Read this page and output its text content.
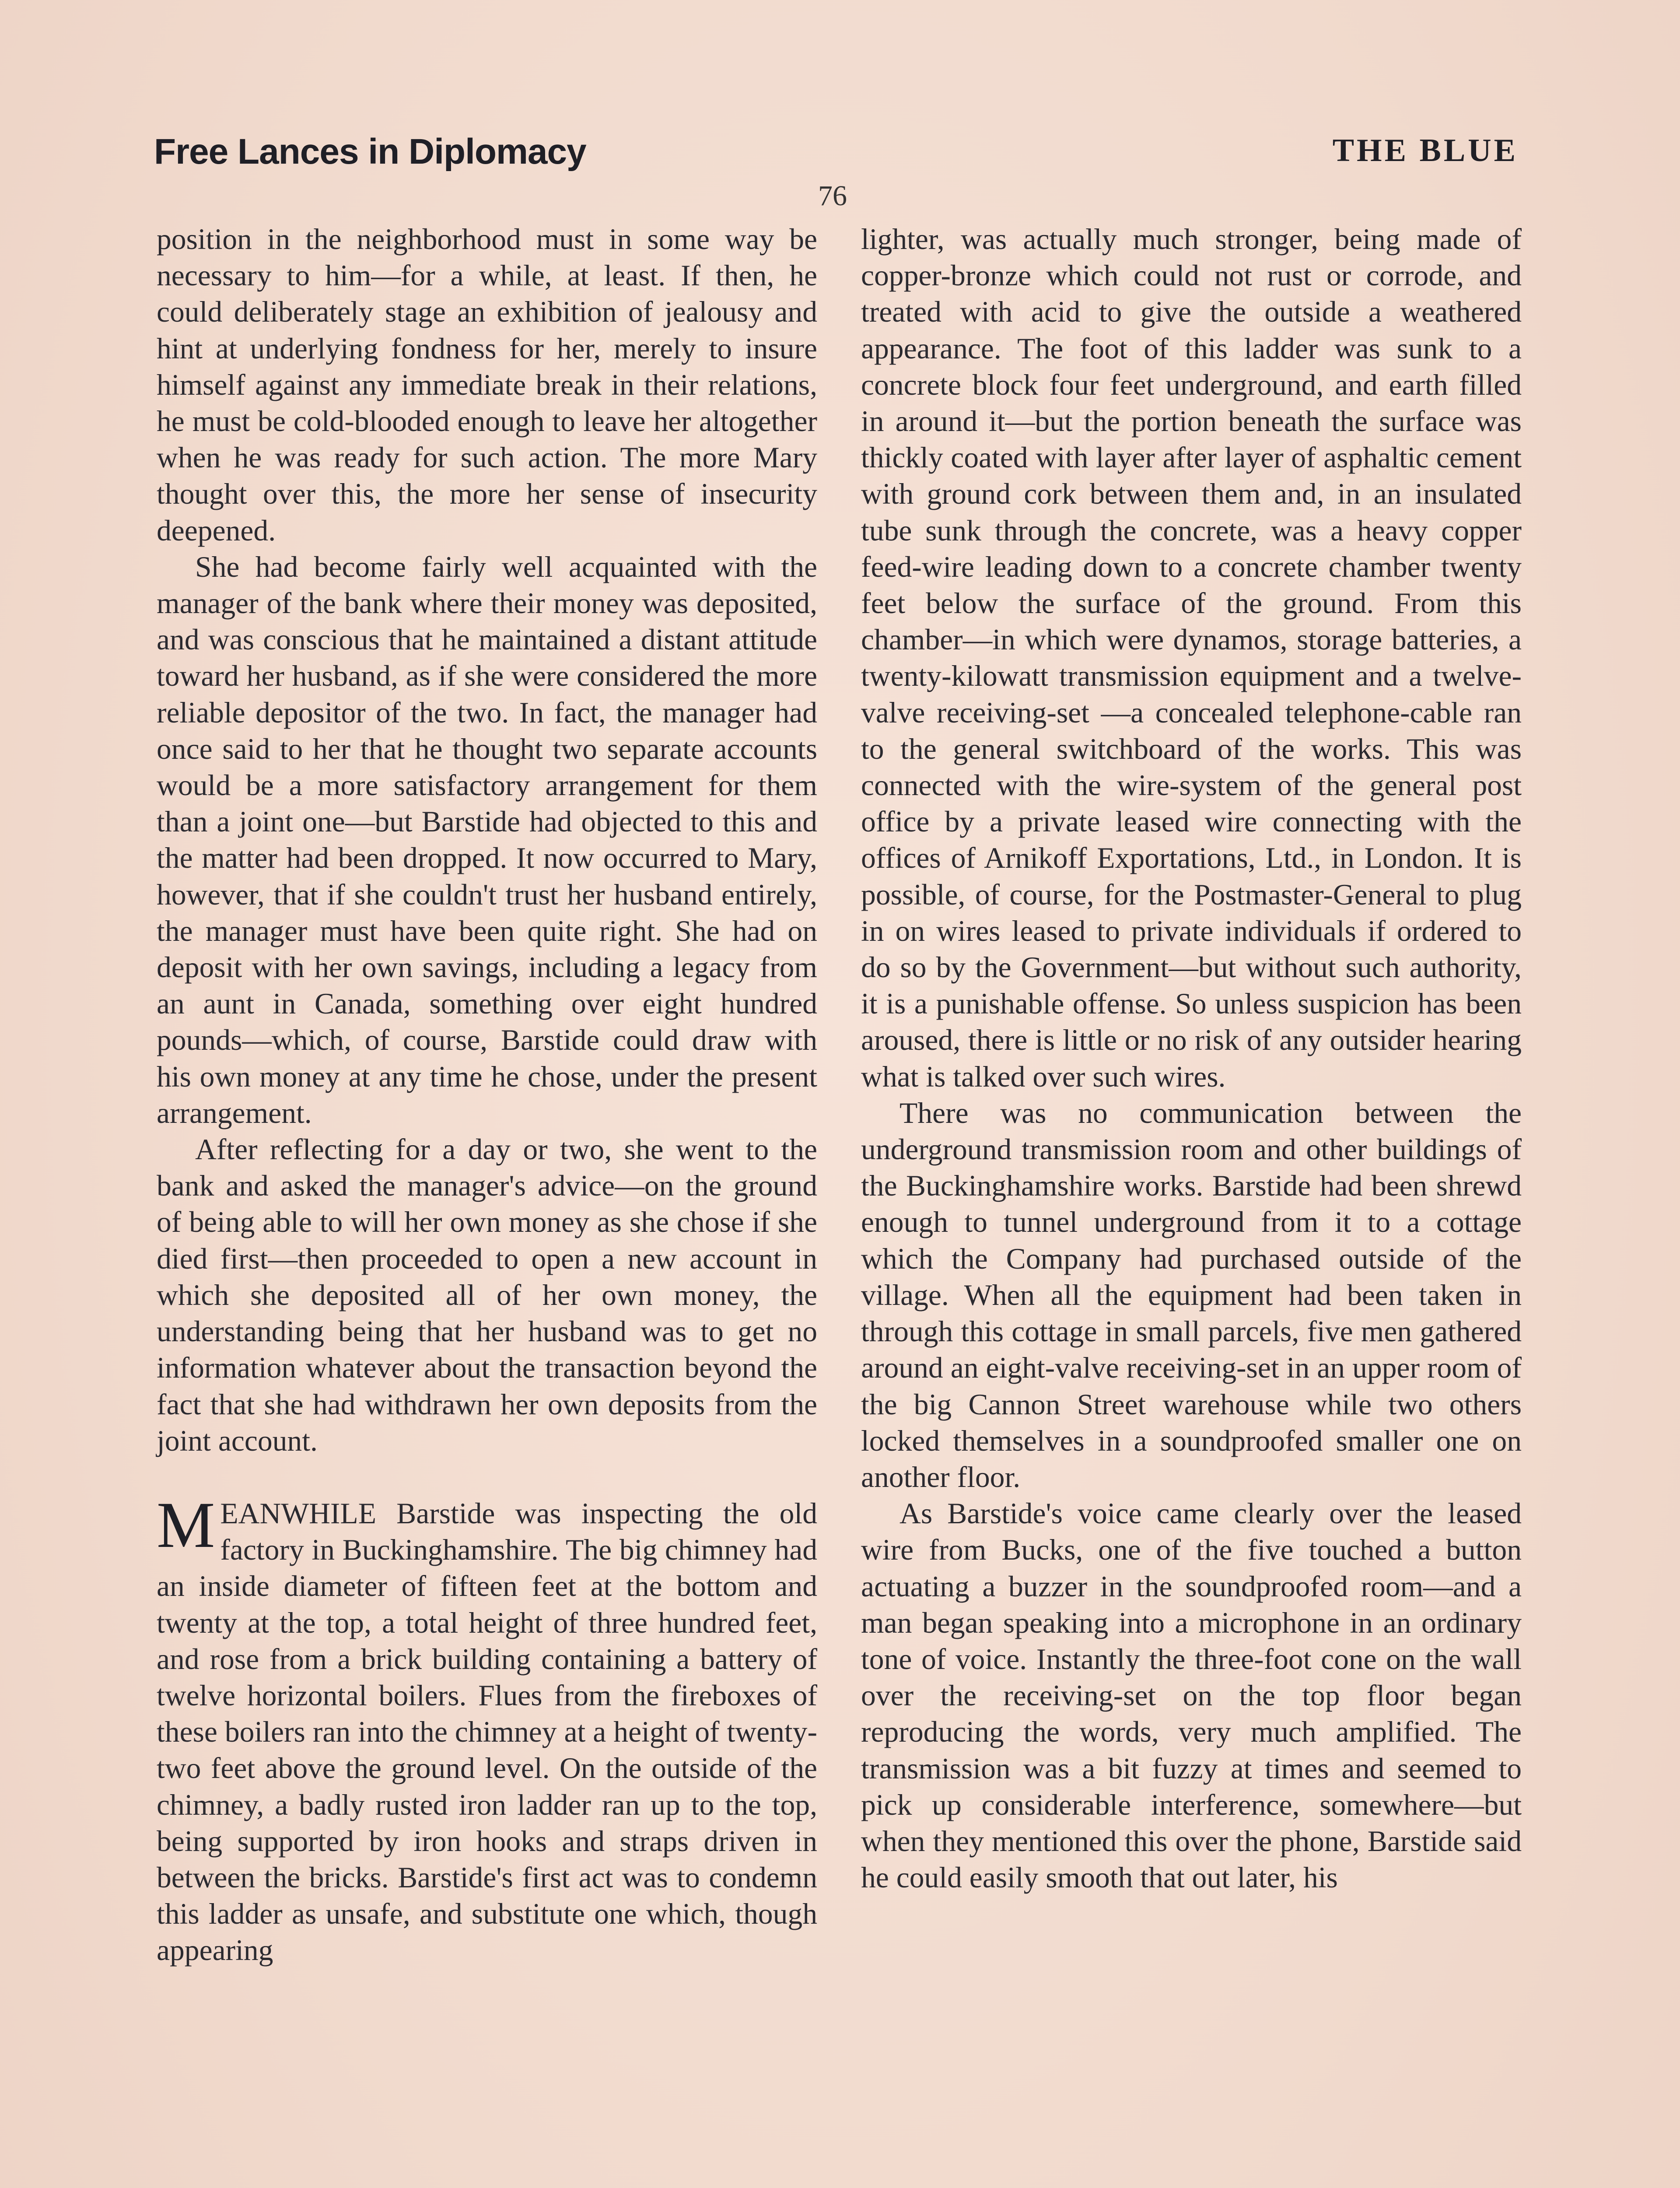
Free Lances in Diplomacy	THE BLUE
76

position in the neighborhood must in some way be necessary to him—for a while, at least. If then, he could deliberately stage an exhibition of jealousy and hint at underlying fondness for her, merely to insure himself against any immediate break in their relations, he must be cold-blooded enough to leave her altogether when he was ready for such action. The more Mary thought over this, the more her sense of insecurity deepened.

She had become fairly well acquainted with the manager of the bank where their money was deposited, and was conscious that he maintained a distant attitude toward her husband, as if she were considered the more reliable depositor of the two. In fact, the manager had once said to her that he thought two separate accounts would be a more satisfactory arrangement for them than a joint one—but Barstide had objected to this and the matter had been dropped. It now occurred to Mary, however, that if she couldn't trust her husband entirely, the manager must have been quite right. She had on deposit with her own savings, including a legacy from an aunt in Canada, something over eight hundred pounds—which, of course, Barstide could draw with his own money at any time he chose, under the present arrangement.

After reflecting for a day or two, she went to the bank and asked the manager's advice—on the ground of being able to will her own money as she chose if she died first—then proceeded to open a new account in which she deposited all of her own money, the understanding being that her husband was to get no information whatever about the transaction beyond the fact that she had withdrawn her own deposits from the joint account.

MEANWHILE Barstide was inspecting the old factory in Buckinghamshire. The big chimney had an inside diameter of fifteen feet at the bottom and twenty at the top, a total height of three hundred feet, and rose from a brick building containing a battery of twelve horizontal boilers. Flues from the fireboxes of these boilers ran into the chimney at a height of twenty-two feet above the ground level. On the outside of the chimney, a badly rusted iron ladder ran up to the top, being supported by iron hooks and straps driven in between the bricks. Barstide's first act was to condemn this ladder as unsafe, and substitute one which, though appearing

lighter, was actually much stronger, being made of copper-bronze which could not rust or corrode, and treated with acid to give the outside a weathered appearance. The foot of this ladder was sunk to a concrete block four feet underground, and earth filled in around it—but the portion beneath the surface was thickly coated with layer after layer of asphaltic cement with ground cork between them and, in an insulated tube sunk through the concrete, was a heavy copper feed-wire leading down to a concrete chamber twenty feet below the surface of the ground. From this chamber—in which were dynamos, storage batteries, a twenty-kilowatt transmission equipment and a twelve-valve receiving-set —a concealed telephone-cable ran to the general switchboard of the works. This was connected with the wire-system of the general post office by a private leased wire connecting with the offices of Arnikoff Exportations, Ltd., in London. It is possible, of course, for the Postmaster-General to plug in on wires leased to private individuals if ordered to do so by the Government—but without such authority, it is a punishable offense. So unless suspicion has been aroused, there is little or no risk of any outsider hearing what is talked over such wires.

There was no communication between the underground transmission room and other buildings of the Buckinghamshire works. Barstide had been shrewd enough to tunnel underground from it to a cottage which the Company had purchased outside of the village. When all the equipment had been taken in through this cottage in small parcels, five men gathered around an eight-valve receiving-set in an upper room of the big Cannon Street warehouse while two others locked themselves in a soundproofed smaller one on another floor.

As Barstide's voice came clearly over the leased wire from Bucks, one of the five touched a button actuating a buzzer in the soundproofed room—and a man began speaking into a microphone in an ordinary tone of voice. Instantly the three-foot cone on the wall over the receiving-set on the top floor began reproducing the words, very much amplified. The transmission was a bit fuzzy at times and seemed to pick up considerable interference, somewhere—but when they mentioned this over the phone, Barstide said he could easily smooth that out later, his
